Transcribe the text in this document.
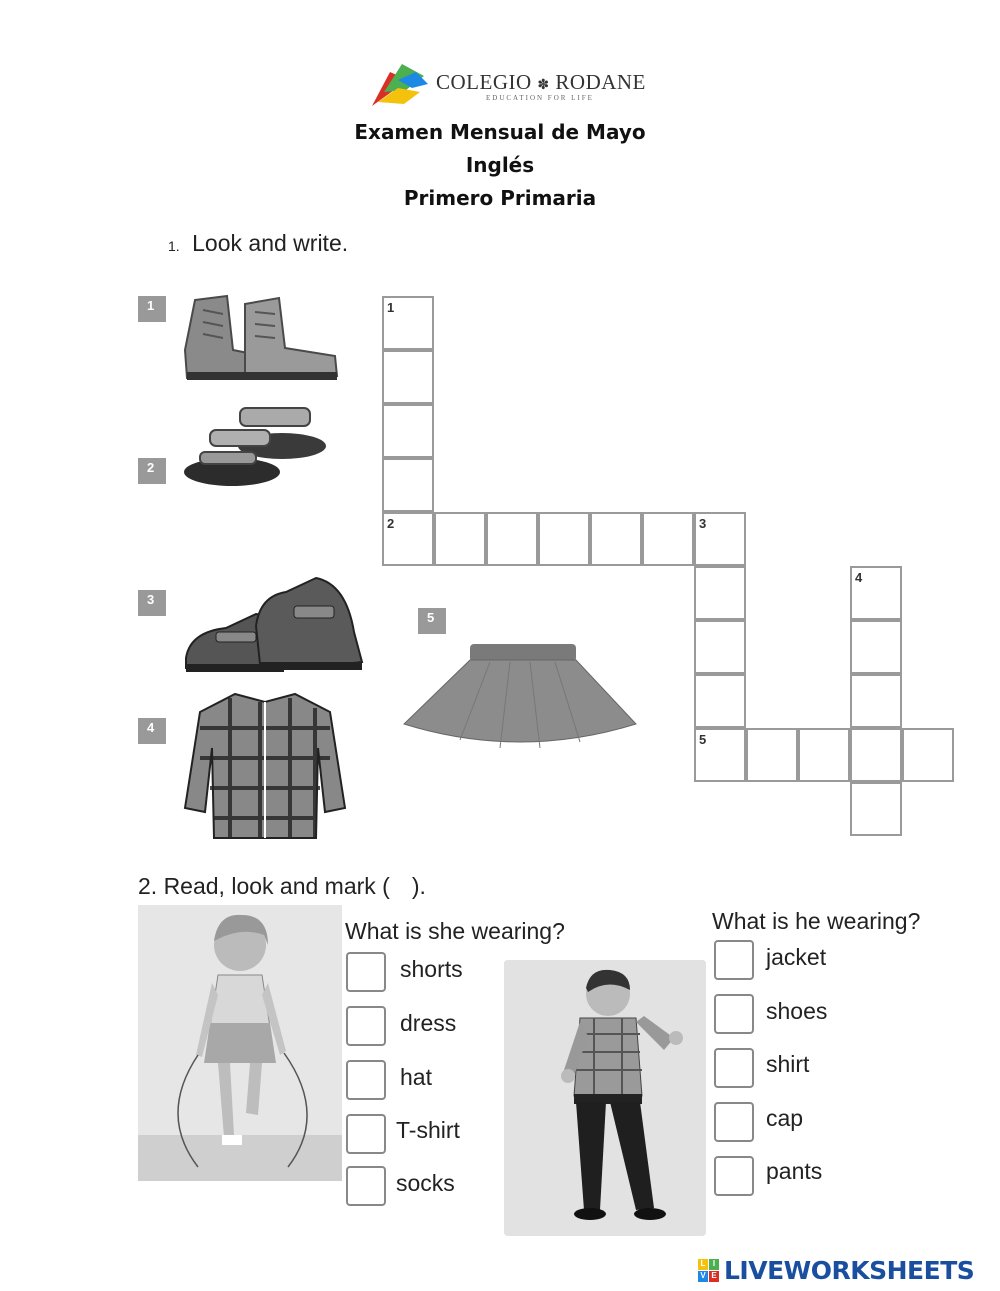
COLEGIO ✽ RODANE
EDUCATION FOR LIFE
Examen Mensual de Mayo
Inglés
Primero Primaria
1. Look and write.
1
2
3
4
5
1
2	3
5
4
2. Read, look and mark ( ).
What is she wearing?
shorts
dress
hat
T-shirt
socks
What is he wearing?
jacket
shoes
shirt
cap
pants
L I
V E LIVEWORKSHEETS
